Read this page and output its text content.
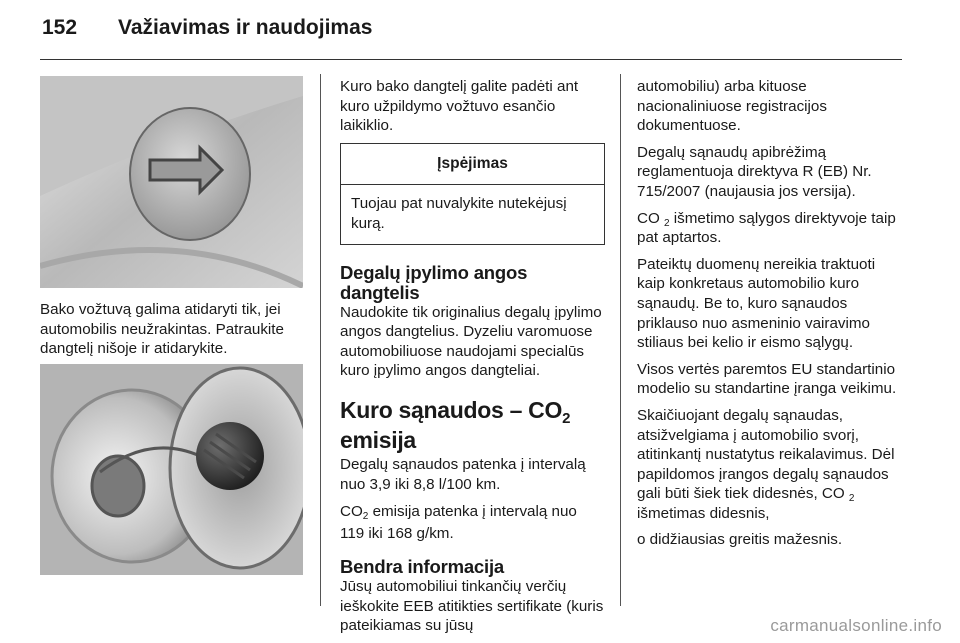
152 Važiavimas ir naudojimas

Bako vožtuvą galima atidaryti tik, jei automobilis neužrakintas. Patraukite dangtelį nišoje ir atidarykite.

Kuro bako dangtelį galite padėti ant kuro užpildymo vožtuvo esančio laikiklio.

Įspėjimas
Tuojau pat nuvalykite nutekėjusį kurą.
Degalų įpylimo angos dangtelis

Naudokite tik originalius degalų įpylimo angos dangtelius. Dyzeliu varomuose automobiliuose naudojami specialūs kuro įpylimo angos dangteliai.

Kuro sąnaudos – $CO_2$
emisija

Degalų sąnaudos patenka į intervalą nuo 3,9 iki 8,8 l/100 km.

$CO_2$ emisija patenka į intervalą nuo 119 iki 168 g/km.

Bendra informacija

Jūsų automobiliui tinkančių verčių ieškokite EEB atitikties sertifikate (kuris pateikiamas su jūsų

automobiliu) arba kituose nacionaliniuose registracijos dokumentuose.

Degalų sąnaudų apibrėžimą reglamentuoja direktyva R (EB) Nr. 715/2007 (naujausia jos versija).

CO $_2$ išmetimo sąlygos direktyvoje taip pat aptartos.

Pateiktų duomenų nereikia traktuoti kaip konkretaus automobilio kuro sąnaudų. Be to, kuro sąnaudos priklauso nuo asmeninio vairavimo stiliaus bei kelio ir eismo sąlygų.

Visos vertės paremtos EU standartinio modelio su standartine įranga veikimu.

Skaičiuojant degalų sąnaudas, atsižvelgiama į automobilio svorį, atitinkantį nustatytus reikalavimus. Dėl papildomos įrangos degalų sąnaudos gali būti šiek tiek didesnės, CO $_2$ išmetimas didesnis,

o didžiausias greitis mažesnis.

carmanualsonline.info
